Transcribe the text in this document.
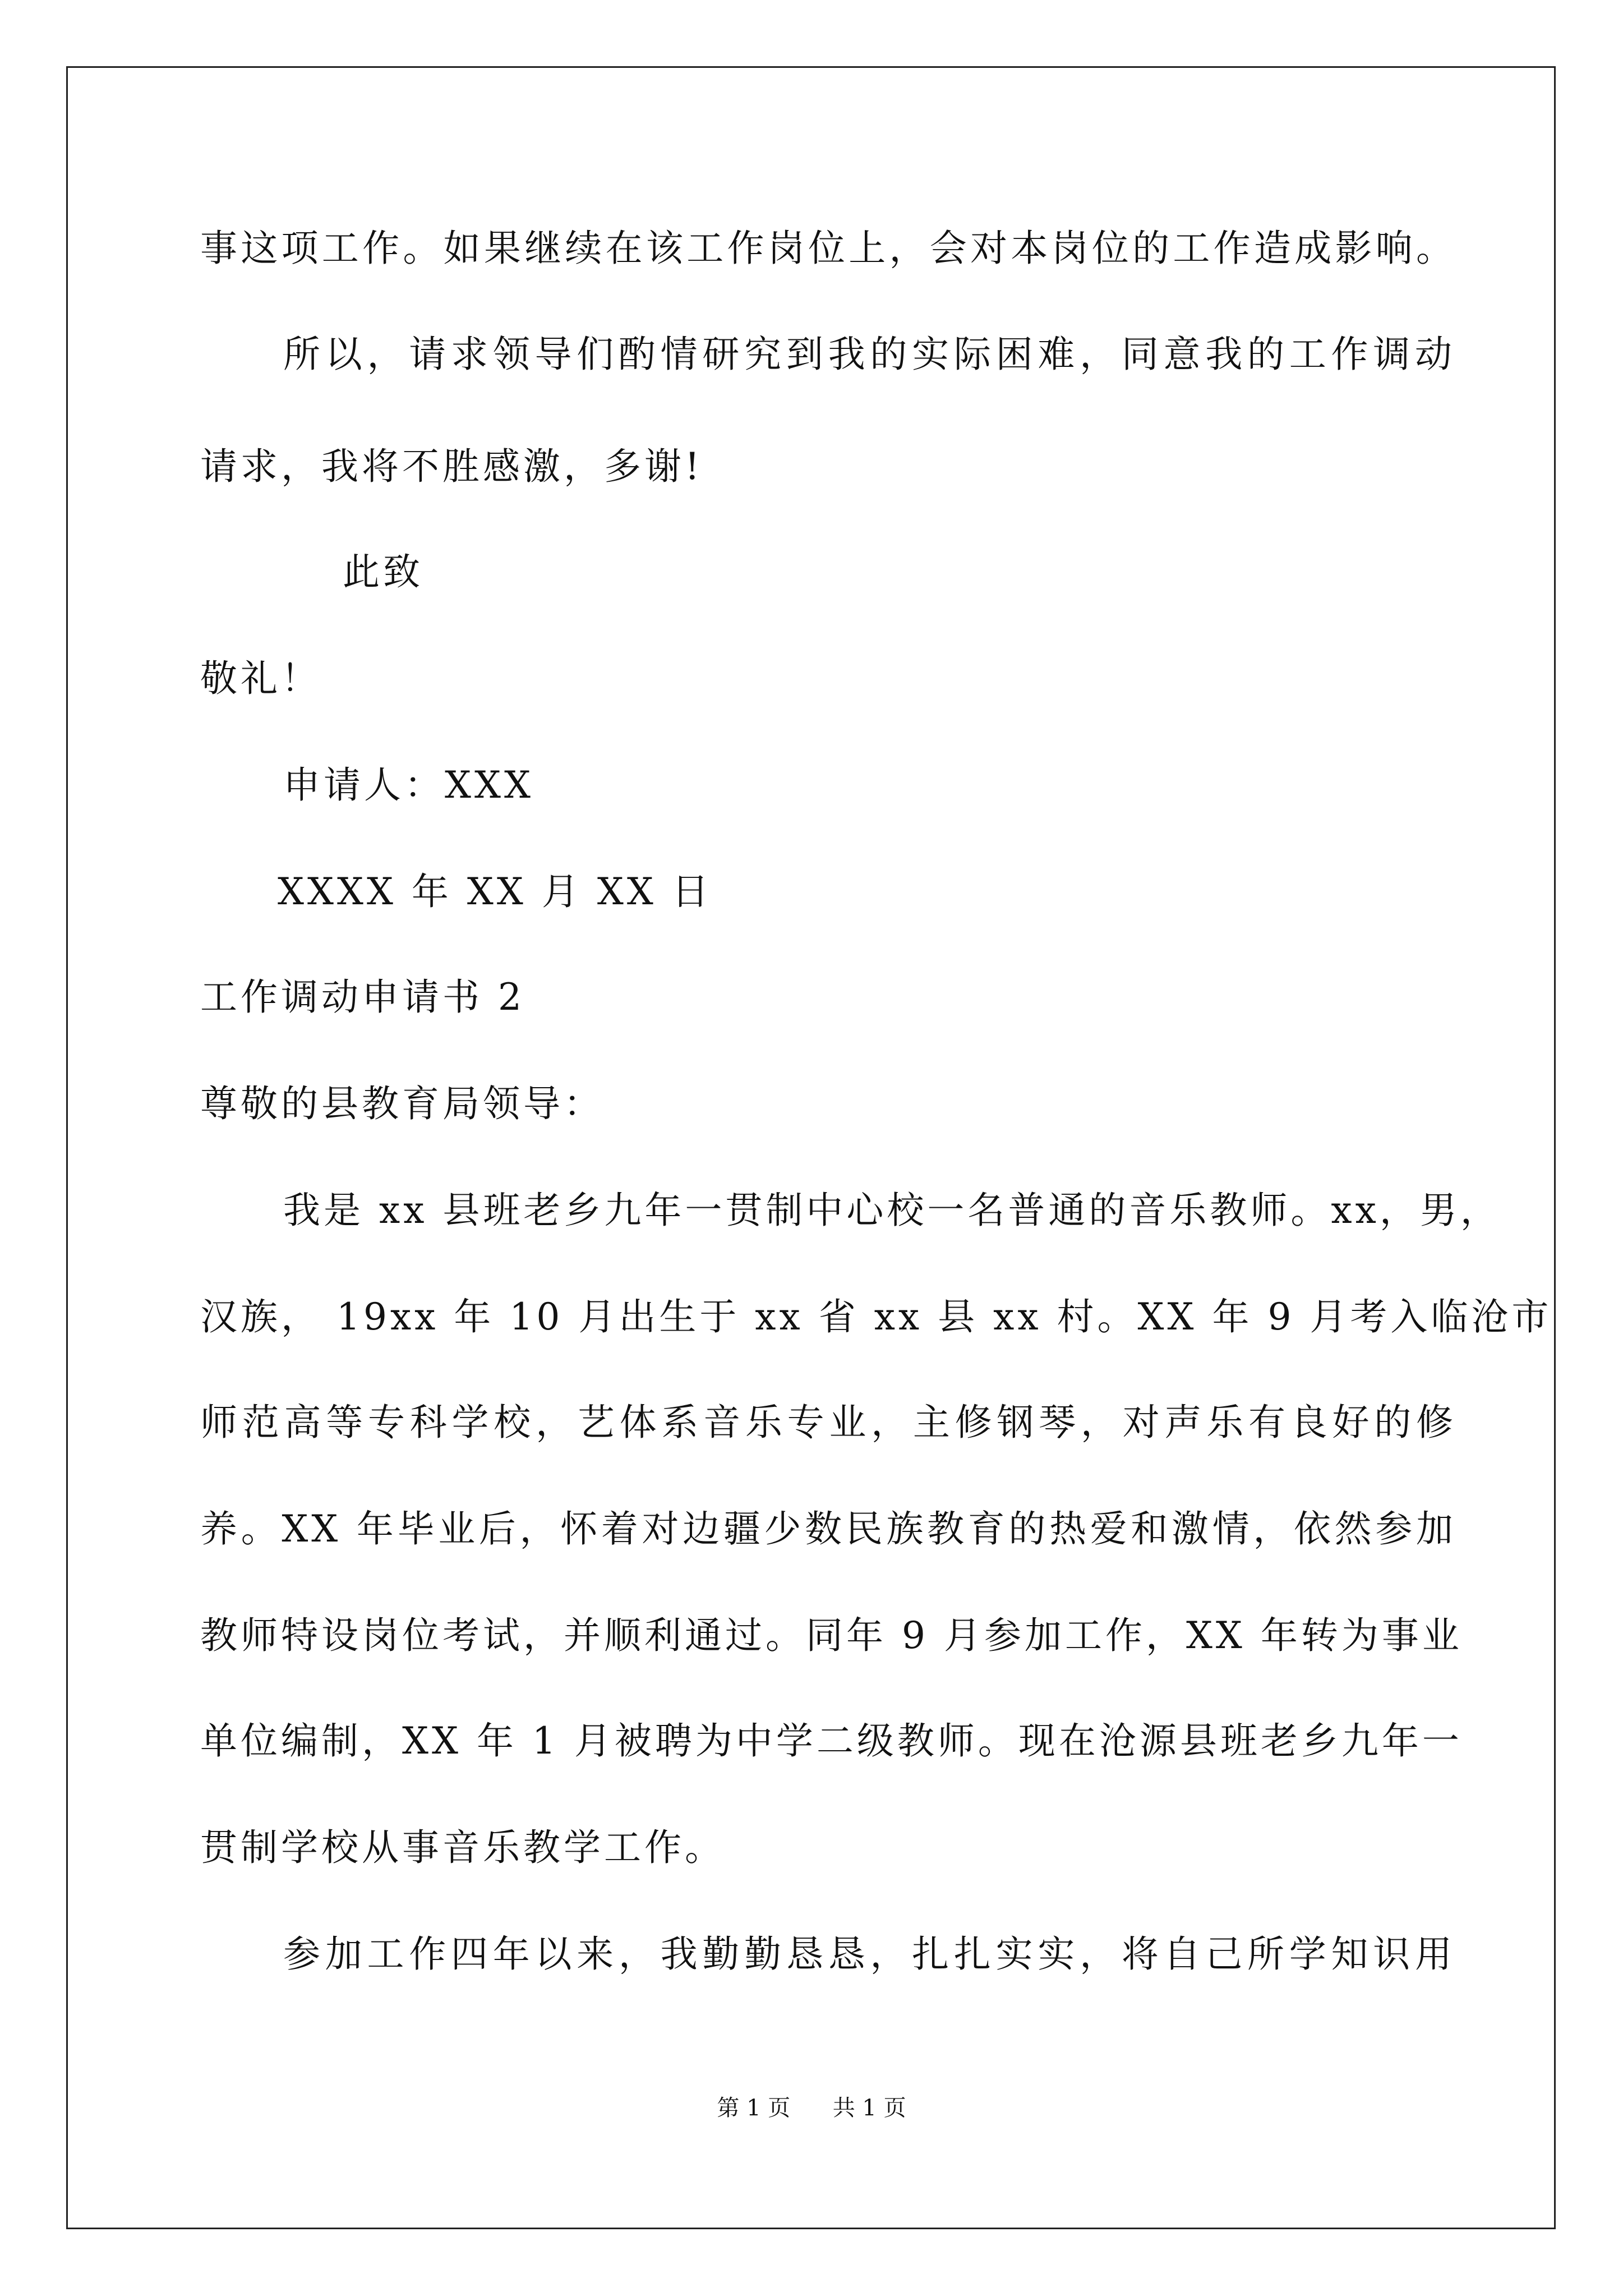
事这项工作。如果继续在该工作岗位上，会对本岗位的工作造成影响。
所以，请求领导们酌情研究到我的实际困难，同意我的工作调动
请求，我将不胜感激，多谢!
此致
敬礼！
申请人：XXX
XXXX 年 XX 月 XX 日
工作调动申请书 2
尊敬的县教育局领导：
我是 xx 县班老乡九年一贯制中心校一名普通的音乐教师。xx，男，
汉族， 19xx 年 10 月出生于 xx 省 xx 县 xx 村。XX 年 9 月考入临沧市
师范高等专科学校，艺体系音乐专业，主修钢琴，对声乐有良好的修
养。XX 年毕业后，怀着对边疆少数民族教育的热爱和激情，依然参加
教师特设岗位考试，并顺利通过。同年 9 月参加工作，XX 年转为事业
单位编制，XX 年 1 月被聘为中学二级教师。现在沧源县班老乡九年一
贯制学校从事音乐教学工作。
参加工作四年以来，我勤勤恳恳，扎扎实实，将自己所学知识用
第 1 页 共 1 页
